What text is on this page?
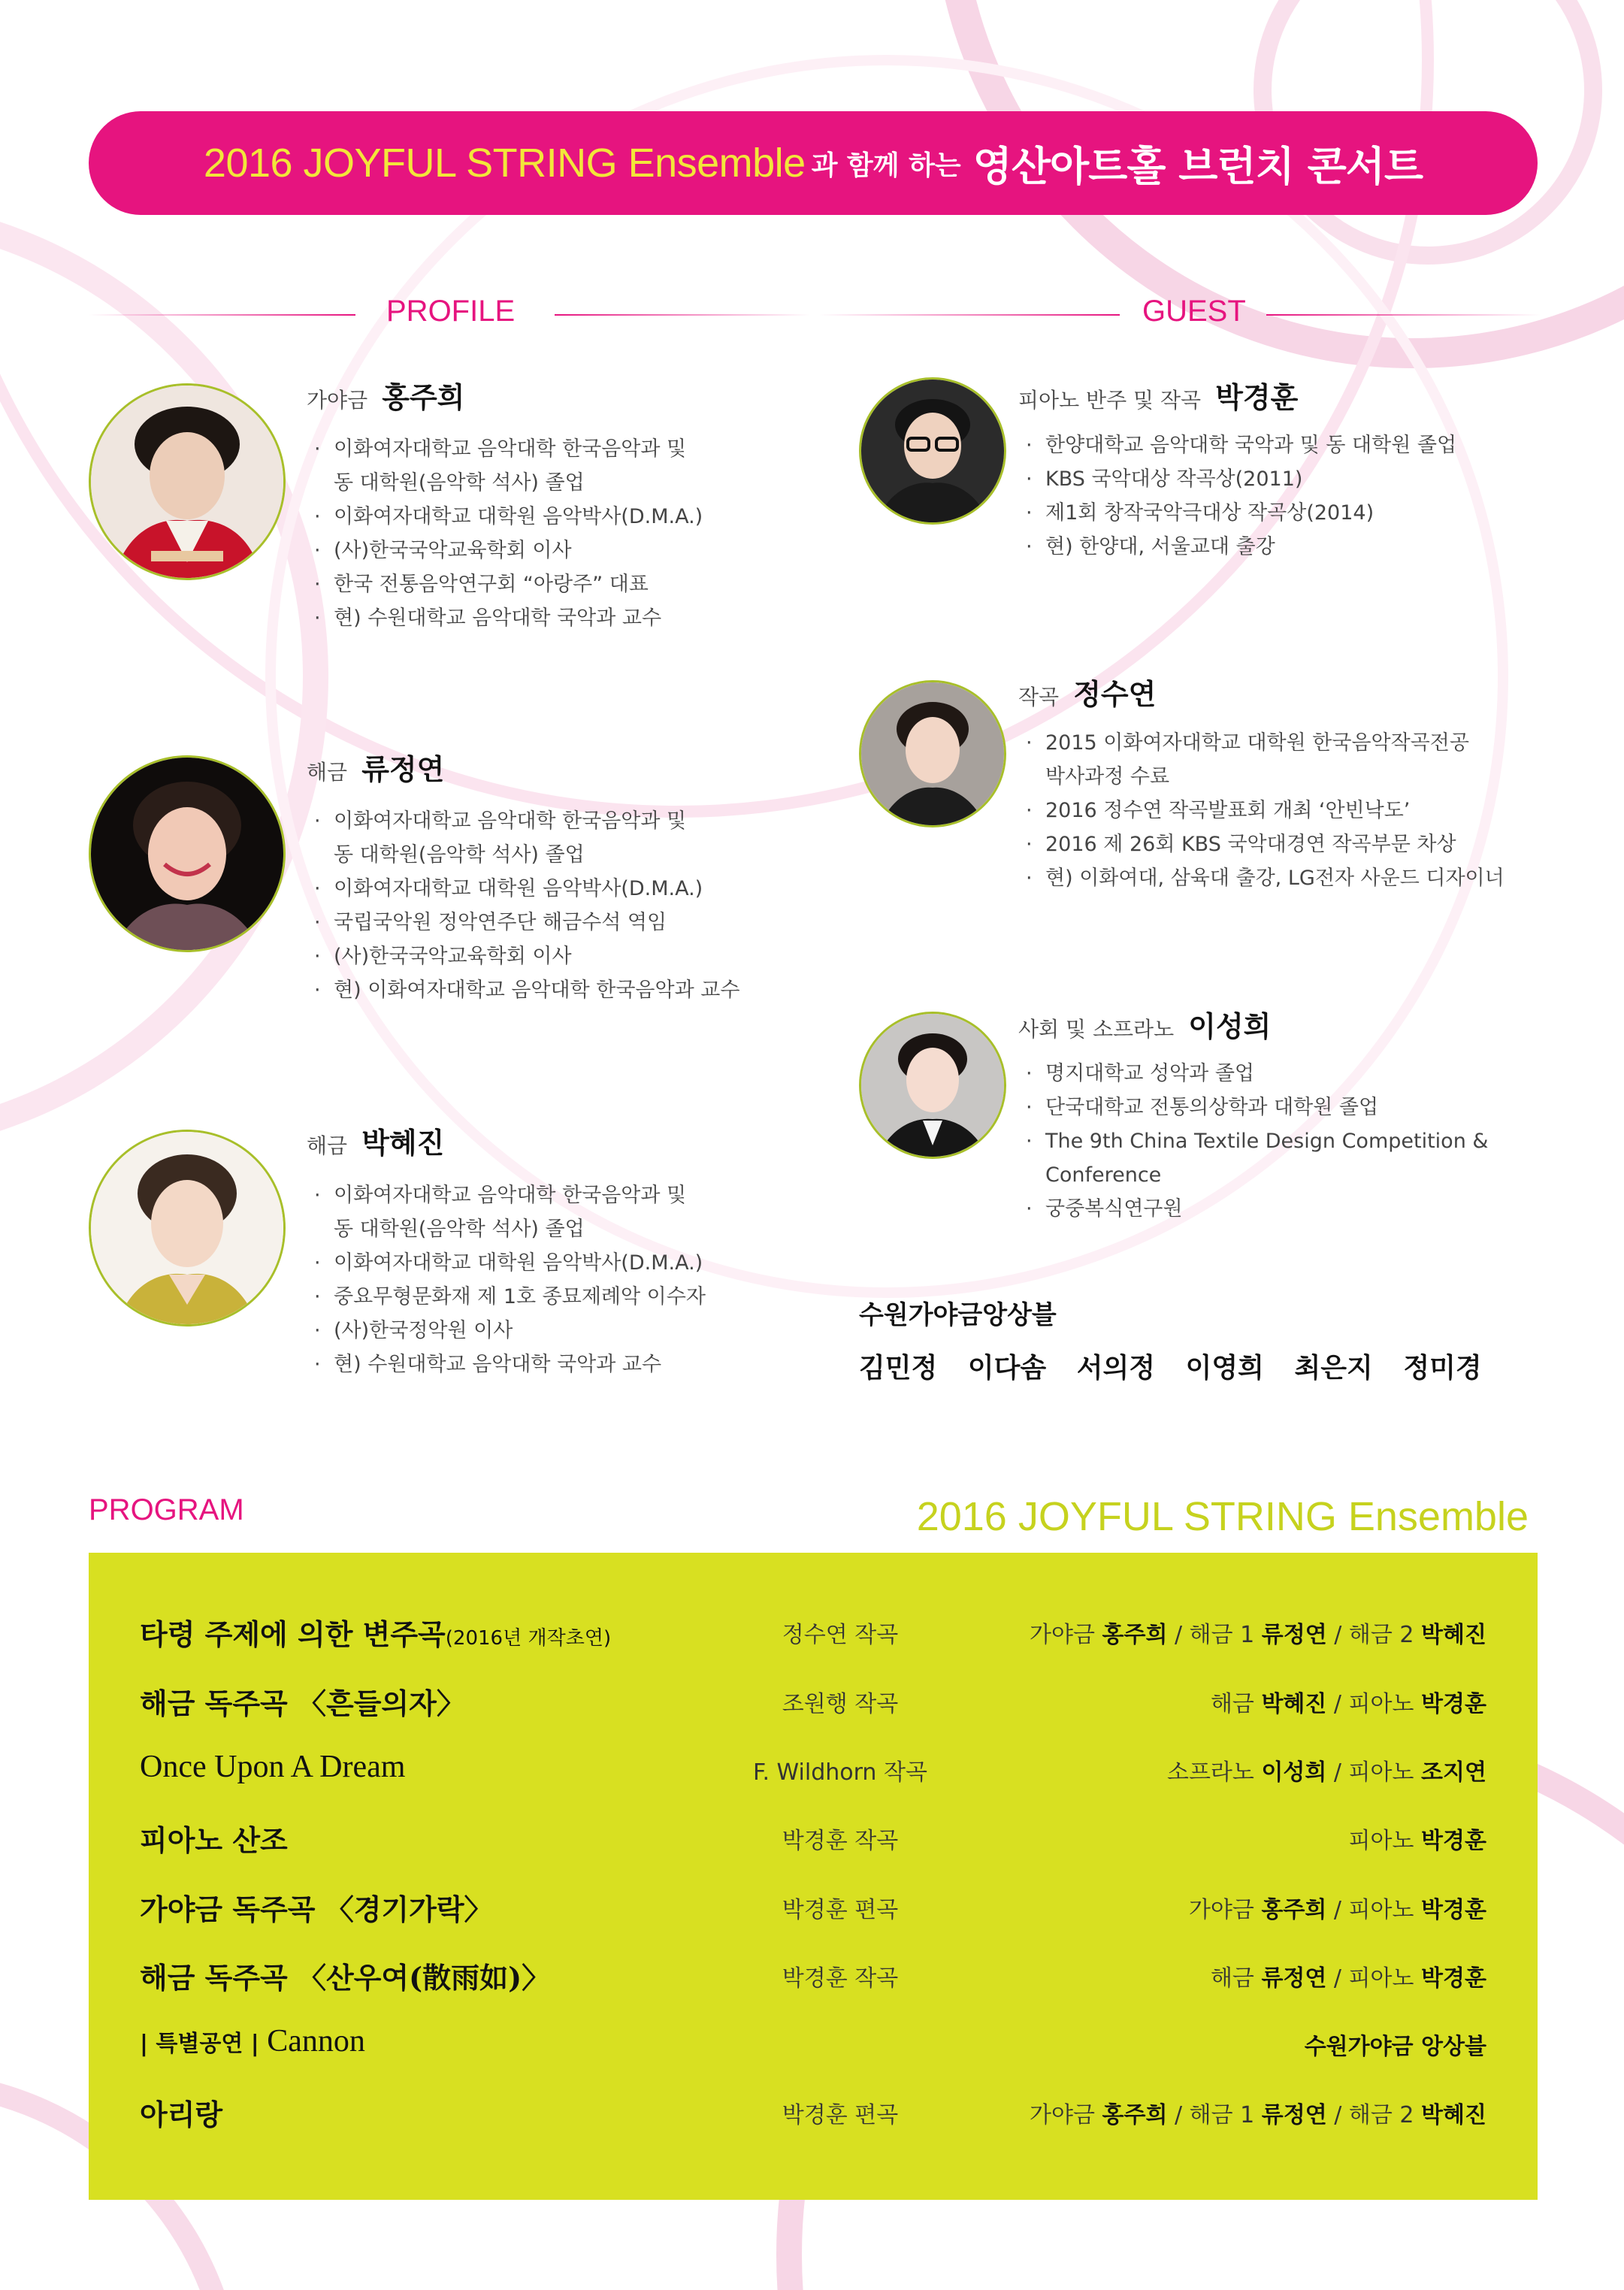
2016 JOYFUL STRING Ensemble 과 함께 하는 영산아트홀 브런치 콘서트
PROFILE	GUEST
가야금 홍주희
· 이화여자대학교 음악대학 한국음악과 및
동 대학원(음악학 석사) 졸업
· 이화여자대학교 대학원 음악박사(D.M.A.)
· (사)한국국악교육학회 이사
· 한국 전통음악연구회 “아랑주” 대표
· 현) 수원대학교 음악대학 국악과 교수
해금 류정연
· 이화여자대학교 음악대학 한국음악과 및
동 대학원(음악학 석사) 졸업
· 이화여자대학교 대학원 음악박사(D.M.A.)
· 국립국악원 정악연주단 해금수석 역임
· (사)한국국악교육학회 이사
· 현) 이화여자대학교 음악대학 한국음악과 교수
해금 박혜진
· 이화여자대학교 음악대학 한국음악과 및
동 대학원(음악학 석사) 졸업
· 이화여자대학교 대학원 음악박사(D.M.A.)
· 중요무형문화재 제 1호 종묘제례악 이수자
· (사)한국정악원 이사
· 현) 수원대학교 음악대학 국악과 교수
피아노 반주 및 작곡 박경훈
· 한양대학교 음악대학 국악과 및 동 대학원 졸업
· KBS 국악대상 작곡상(2011)
· 제1회 창작국악극대상 작곡상(2014)
· 현) 한양대, 서울교대 출강
작곡 정수연
· 2015 이화여자대학교 대학원 한국음악작곡전공
박사과정 수료
· 2016 정수연 작곡발표회 개최 ‘안빈낙도’
· 2016 제 26회 KBS 국악대경연 작곡부문 차상
· 현) 이화여대, 삼육대 출강, LG전자 사운드 디자이너
사회 및 소프라노 이성희
· 명지대학교 성악과 졸업
· 단국대학교 전통의상학과 대학원 졸업
· The 9th China Textile Design Competition &
Conference
· 궁중복식연구원
수원가야금앙상블
김민정 이다솜 서의정 이영희 최은지 정미경
PROGRAM	2016 JOYFUL STRING Ensemble
타령 주제에 의한 변주곡(2016년 개작초연)	정수연 작곡	가야금 홍주희 / 해금 1 류정연 / 해금 2 박혜진
해금 독주곡 〈흔들의자〉	조원행 작곡	해금 박혜진 / 피아노 박경훈
Once Upon A Dream	F. Wildhorn 작곡	소프라노 이성희 / 피아노 조지연
피아노 산조	박경훈 작곡	피아노 박경훈
가야금 독주곡 〈경기가락〉	박경훈 편곡	가야금 홍주희 / 피아노 박경훈
해금 독주곡 〈산우여(散雨如)〉	박경훈 작곡	해금 류정연 / 피아노 박경훈
| 특별공연 | Cannon	수원가야금 앙상블
아리랑	박경훈 편곡	가야금 홍주희 / 해금 1 류정연 / 해금 2 박혜진
